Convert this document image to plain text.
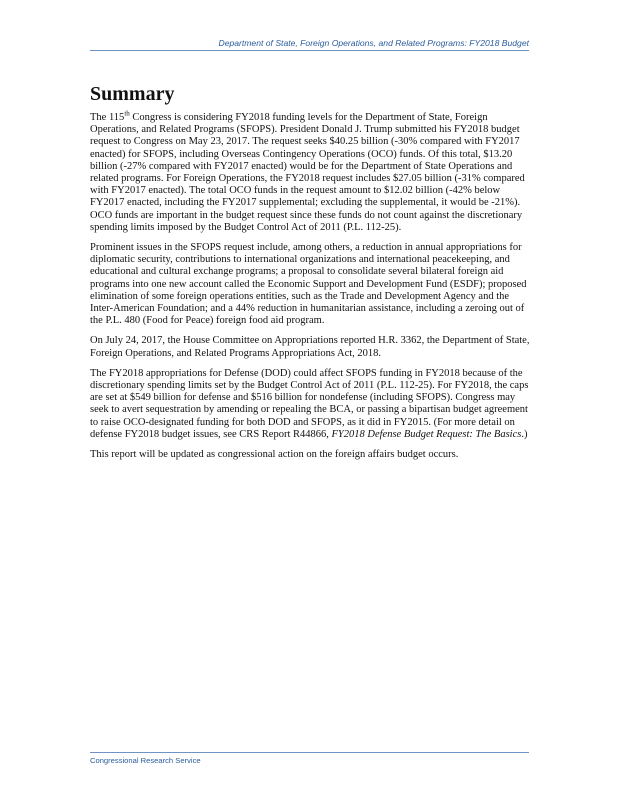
Department of State, Foreign Operations, and Related Programs: FY2018 Budget
Summary

The 115th Congress is considering FY2018 funding levels for the Department of State, Foreign Operations, and Related Programs (SFOPS). President Donald J. Trump submitted his FY2018 budget request to Congress on May 23, 2017. The request seeks $40.25 billion (-30% compared with FY2017 enacted) for SFOPS, including Overseas Contingency Operations (OCO) funds. Of this total, $13.20 billion (-27% compared with FY2017 enacted) would be for the Department of State Operations and related programs. For Foreign Operations, the FY2018 request includes $27.05 billion (-31% compared with FY2017 enacted). The total OCO funds in the request amount to $12.02 billion (-42% below FY2017 enacted, including the FY2017 supplemental; excluding the supplemental, it would be -21%). OCO funds are important in the budget request since these funds do not count against the discretionary spending limits imposed by the Budget Control Act of 2011 (P.L. 112-25).

Prominent issues in the SFOPS request include, among others, a reduction in annual appropriations for diplomatic security, contributions to international organizations and international peacekeeping, and educational and cultural exchange programs; a proposal to consolidate several bilateral foreign aid programs into one new account called the Economic Support and Development Fund (ESDF); proposed elimination of some foreign operations entities, such as the Trade and Development Agency and the Inter-American Foundation; and a 44% reduction in humanitarian assistance, including a zeroing out of the P.L. 480 (Food for Peace) foreign food aid program.

On July 24, 2017, the House Committee on Appropriations reported H.R. 3362, the Department of State, Foreign Operations, and Related Programs Appropriations Act, 2018.

The FY2018 appropriations for Defense (DOD) could affect SFOPS funding in FY2018 because of the discretionary spending limits set by the Budget Control Act of 2011 (P.L. 112-25). For FY2018, the caps are set at $549 billion for defense and $516 billion for nondefense (including SFOPS). Congress may seek to avert sequestration by amending or repealing the BCA, or passing a bipartisan budget agreement to raise OCO-designated funding for both DOD and SFOPS, as it did in FY2015. (For more detail on defense FY2018 budget issues, see CRS Report R44866, FY2018 Defense Budget Request: The Basics.)

This report will be updated as congressional action on the foreign affairs budget occurs.

Congressional Research Service
